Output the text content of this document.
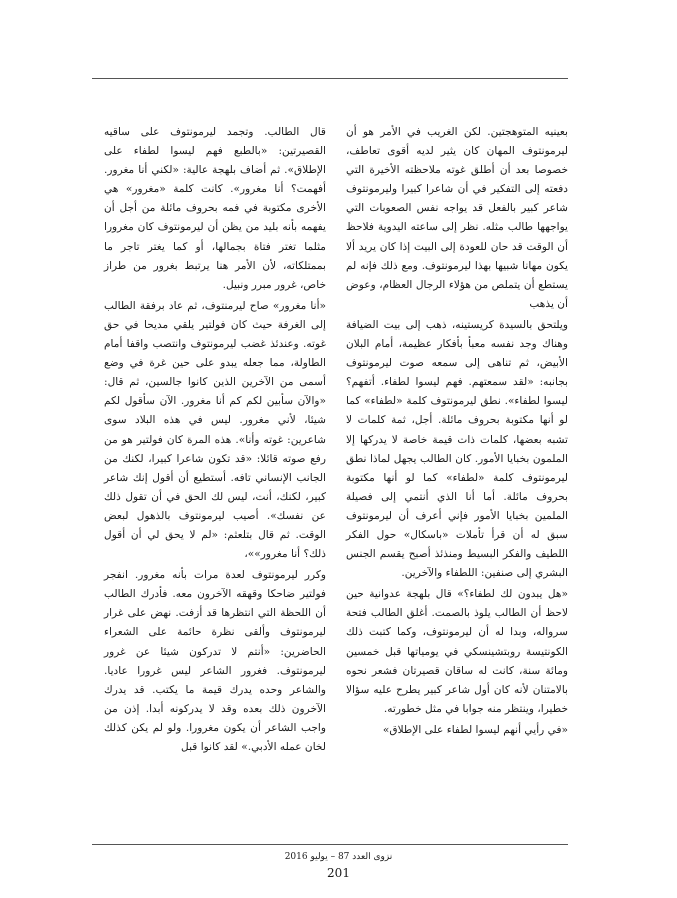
بعينيه المتوهجتين. لكن الغريب في الأمر هو أن ليرمونتوف المهان كان يثير لديه أقوى تعاطف، خصوصا بعد أن أطلق غوته ملاحظته الأخيرة التي دفعته إلى التفكير في أن شاعرا كبيرا وليرمونتوف شاعر كبير بالفعل قد يواجه نفس الصعوبات التي يواجهها طالب مثله. نظر إلى ساعته اليدوية فلاحظ أن الوقت قد حان للعودة إلى البيت إذا كان يريد ألا يكون مهانا شبيها بهذا ليرمونتوف. ومع ذلك فإنه لم يستطع أن يتملص من هؤلاء الرجال العظام، وعوض أن يذهب

ويلتحق بالسيدة كريستينه، ذهب إلى بيت الضيافة وهناك وجد نفسه معبأ بأفكار عظيمة، أمام البلان الأبيض، ثم تناهى إلى سمعه صوت ليرمونتوف بجانبه: «لقد سمعتهم. فهم ليسوا لطفاء. أتفهم؟ ليسوا لطفاء». نطق ليرمونتوف كلمة «لطفاء» كما لو أنها مكتوبة بحروف مائلة. أجل، ثمة كلمات لا تشبه بعضها، كلمات ذات قيمة خاصة لا يدركها إلا الملمون بخبايا الأمور. كان الطالب يجهل لماذا نطق ليرمونتوف كلمة «لطفاء» كما لو أنها مكتوبة بحروف مائلة. أما أنا الذي أنتمي إلى فصيلة الملمين بخبايا الأمور فإني أعرف أن ليرمونتوف سبق له أن قرأ تأملات «باسكال» حول الفكر اللطيف والفكر البسيط ومنذئذ أصبح يقسم الجنس البشري إلى صنفين: اللطفاء والآخرين.

«هل يبدون لك لطفاء؟» قال بلهجة عدوانية حين لاحظ أن الطالب يلوذ بالصمت. أغلق الطالب فتحة سرواله، وبدا له أن ليرمونتوف، وكما كتبت ذلك الكونتيسة روبتشينسكي في يومياتها قبل خمسين ومائة سنة، كانت له ساقان قصيرتان فشعر نحوه بالامتنان لأنه كان أول شاعر كبير يطرح عليه سؤالا خطيرا، وينتظر منه جوابا في مثل خطورته.

«في رأيي أنهم ليسوا لطفاء على الإطلاق»

قال الطالب. وتجمد ليرمونتوف على ساقيه القصيرتين: «بالطبع فهم ليسوا لطفاء على الإطلاق». ثم أضاف بلهجة عالية: «لكني أنا مغرور. أفهمت؟ أنا مغرور». كانت كلمة «مغرور» هي الأخرى مكتوبة في فمه بحروف مائلة من أجل أن يفهمه بأنه بليد من يظن أن ليرمونتوف كان مغرورا مثلما تغتر فتاة بجمالها، أو كما يغتر تاجر ما بممتلكاته، لأن الأمر هنا يرتبط بغرور من طراز خاص، غرور مبرر ونبيل.

«أنا مغرور» صاح ليرمنتوف، ثم عاد برفقة الطالب إلى الغرفة حيث كان فولتير يلقي مديحا في حق غوته. وعندئذ غضب ليرمونتوف وانتصب واقفا أمام الطاولة، مما جعله يبدو على حين غرة في وضع أسمى من الآخرين الذين كانوا جالسين، ثم قال: «والآن سأبين لكم كم أنا مغرور. الآن سأقول لكم شيئا، لأني مغرور. ليس في هذه البلاد سوى شاعرين: غوته وأنا». هذه المرة كان فولتير هو من رفع صوته قائلا: «قد تكون شاعرا كبيرا، لكنك من الجانب الإنساني تافه. أستطيع أن أقول إنك شاعر كبير، لكنك، أنت، ليس لك الحق في أن تقول ذلك عن نفسك». أصيب ليرمونتوف بالذهول لبعض الوقت. ثم قال بتلعثم: «لم لا يحق لي أن أقول ذلك؟ أنا مغرور»»،

وكرر ليرمونتوف لعدة مرات بأنه مغرور. انفجر فولتير ضاحكا وقهقه الآخرون معه. فأدرك الطالب أن اللحظة التي انتظرها قد أزفت. نهض على غرار ليرمونتوف وألقى نظرة حائمة على الشعراء الحاضرين: «أنتم لا تدركون شيئا عن غرور ليرمونتوف. فغرور الشاعر ليس غرورا عاديا. والشاعر وحده يدرك قيمة ما يكتب. قد يدرك الآخرون ذلك بعده وقد لا يدركونه أبدا. إذن من واجب الشاعر أن يكون مغرورا. ولو لم يكن كذلك لخان عمله الأدبي.» لقد كانوا قبل

نزوى العدد 87 – يوليو 2016
201
